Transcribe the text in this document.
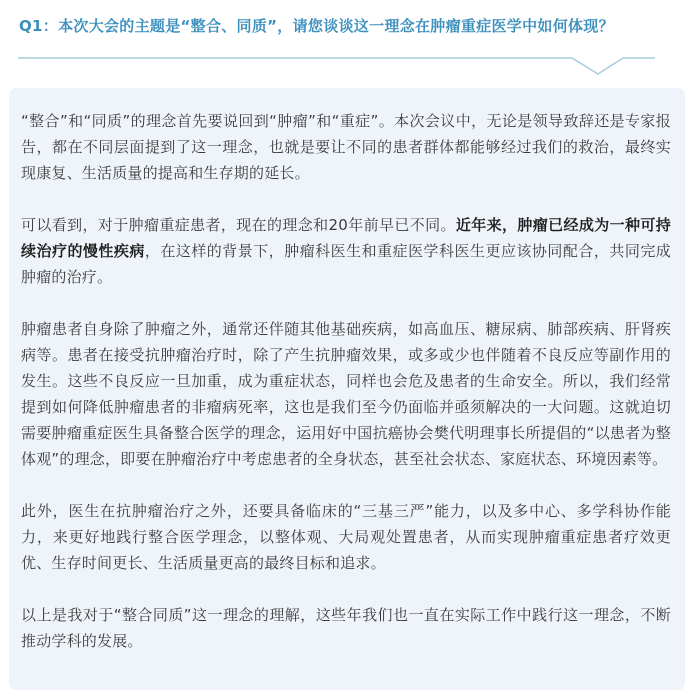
Q1：本次大会的主题是“整合、同质”，请您谈谈这一理念在肿瘤重症医学中如何体现？

“整合”和“同质”的理念首先要说回到“肿瘤”和“重症”。本次会议中，无论是领导致辞还是专家报告，都在不同层面提到了这一理念，也就是要让不同的患者群体都能够经过我们的救治，最终实现康复、生活质量的提高和生存期的延长。

可以看到，对于肿瘤重症患者，现在的理念和20年前早已不同。近年来，肿瘤已经成为一种可持续治疗的慢性疾病，在这样的背景下，肿瘤科医生和重症医学科医生更应该协同配合，共同完成肿瘤的治疗。

肿瘤患者自身除了肿瘤之外，通常还伴随其他基础疾病，如高血压、糖尿病、肺部疾病、肝肾疾病等。患者在接受抗肿瘤治疗时，除了产生抗肿瘤效果，或多或少也伴随着不良反应等副作用的发生。这些不良反应一旦加重，成为重症状态，同样也会危及患者的生命安全。所以，我们经常提到如何降低肿瘤患者的非瘤病死率，这也是我们至今仍面临并亟须解决的一大问题。这就迫切需要肿瘤重症医生具备整合医学的理念，运用好中国抗癌协会樊代明理事长所提倡的“以患者为整体观”的理念，即要在肿瘤治疗中考虑患者的全身状态，甚至社会状态、家庭状态、环境因素等。

此外，医生在抗肿瘤治疗之外，还要具备临床的“三基三严”能力，以及多中心、多学科协作能力，来更好地践行整合医学理念，以整体观、大局观处置患者，从而实现肿瘤重症患者疗效更优、生存时间更长、生活质量更高的最终目标和追求。

以上是我对于“整合同质”这一理念的理解，这些年我们也一直在实际工作中践行这一理念，不断推动学科的发展。
